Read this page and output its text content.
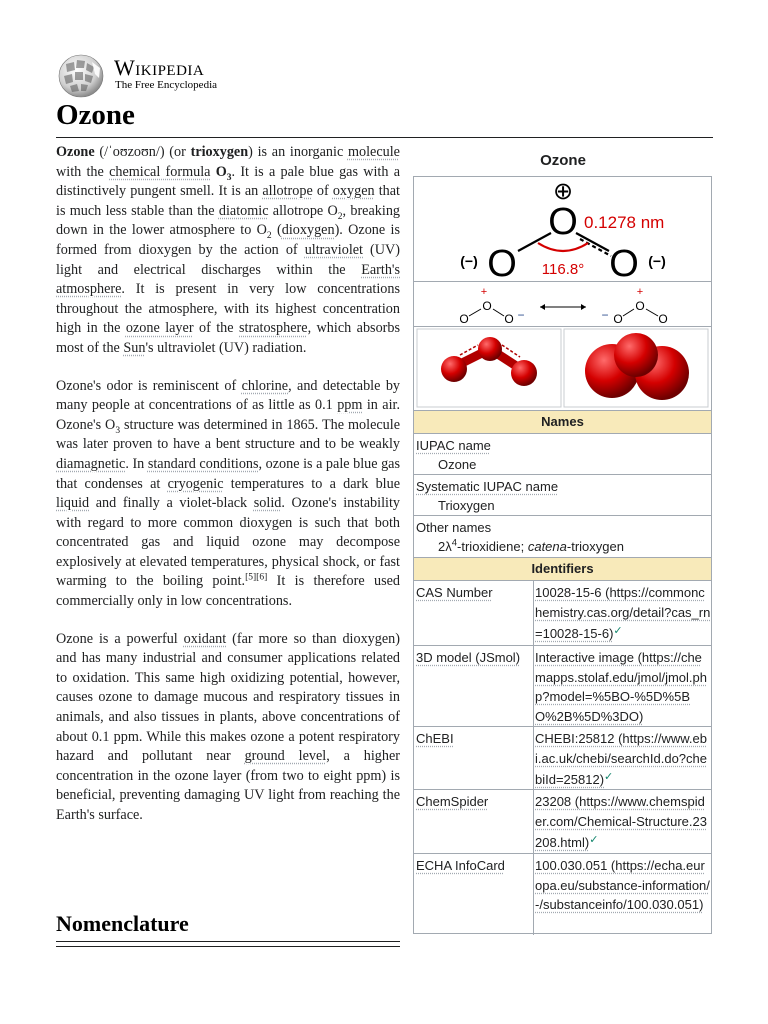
Wikipedia
The Free Encyclopedia
Ozone

Ozone (/ˈoʊzoʊn/) (or trioxygen) is an inorganic molecule with the chemical formula $O_3$. It is a pale blue gas with a distinctively pungent smell. It is an allotrope of oxygen that is much less stable than the diatomic allotrope $O_2$, breaking down in the lower atmosphere to $O_2$ (dioxygen). Ozone is formed from dioxygen by the action of ultraviolet (UV) light and electrical discharges within the Earth's atmosphere. It is present in very low concentrations throughout the atmosphere, with its highest concentration high in the ozone layer of the stratosphere, which absorbs most of the Sun's ultraviolet (UV) radiation.

Ozone's odor is reminiscent of chlorine, and detectable by many people at concentrations of as little as 0.1 ppm in air. Ozone's $O_3$ structure was determined in 1865. The molecule was later proven to have a bent structure and to be weakly diamagnetic. In standard conditions, ozone is a pale blue gas that condenses at cryogenic temperatures to a dark blue liquid and finally a violet-black solid. Ozone's instability with regard to more common dioxygen is such that both concentrated gas and liquid ozone may decompose explosively at elevated temperatures, physical shock, or fast warming to the boiling point.[5][6] It is therefore used commercially only in low concentrations.

Ozone is a powerful oxidant (far more so than dioxygen) and has many industrial and consumer applications related to oxidation. This same high oxidizing potential, however, causes ozone to damage mucous and respiratory tissues in animals, and also tissues in plants, above concentrations of about 0.1 ppm. While this makes ozone a potent respiratory hazard and pollutant near ground level, a higher concentration in the ozone layer (from two to eight ppm) is beneficial, preventing damaging UV light from reaching the Earth's surface.

Nomenclature
Ozone
⊕
O
O O
0.1278 nm
116.8°
(−)	(−)
+
O
O	O −
+
O
O	O
−
Names
IUPAC name
Ozone
Systematic IUPAC name
Trioxygen
Other names
$2\lambda^4$-trioxidiene; catena-trioxygen
Identifiers
CAS Number	10028-15-6 (https://commonchemistry.cas.org/detail?cas_rn=10028-15-6)✓
3D model (JSmol)	Interactive image (https://chemapps.stolaf.edu/jmol/jmol.php?model=%5BO-%5D%5BO%2B%5D%3DO)
ChEBI	CHEBI:25812 (https://www.ebi.ac.uk/chebi/searchId.do?chebiId=25812)✓
ChemSpider	23208 (https://www.chemspider.com/Chemical-Structure.23208.html)✓
ECHA InfoCard	100.030.051 (https://echa.europa.eu/substance-information/-/substanceinfo/100.030.051)
